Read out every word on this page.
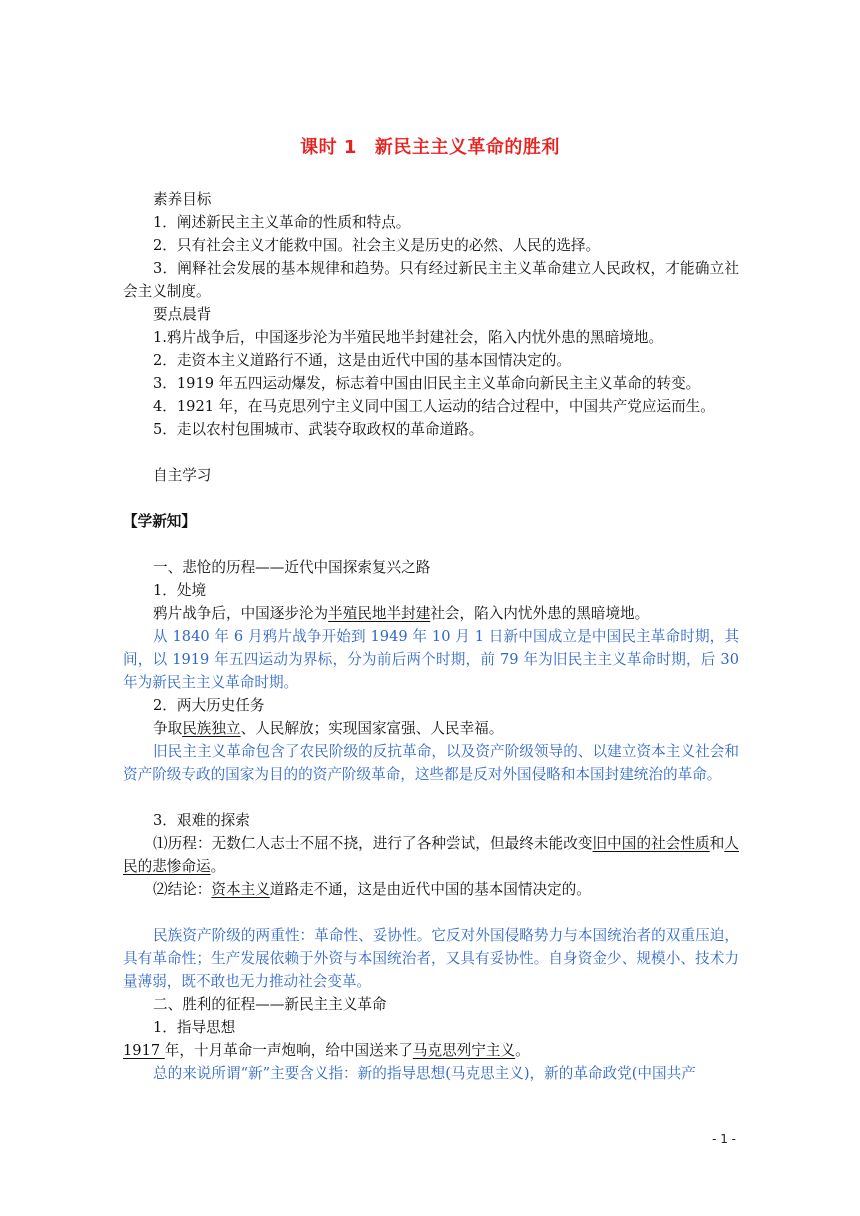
课时 1 新民主主义革命的胜利

素养目标

1．阐述新民主主义革命的性质和特点。

2．只有社会主义才能救中国。社会主义是历史的必然、人民的选择。

3．阐释社会发展的基本规律和趋势。只有经过新民主主义革命建立人民政权，才能确立社会主义制度。

要点晨背

1.鸦片战争后，中国逐步沦为半殖民地半封建社会，陷入内忧外患的黑暗境地。

2．走资本主义道路行不通，这是由近代中国的基本国情决定的。

3．1919 年五四运动爆发，标志着中国由旧民主主义革命向新民主主义革命的转变。

4．1921 年，在马克思列宁主义同中国工人运动的结合过程中，中国共产党应运而生。

5．走以农村包围城市、武装夺取政权的革命道路。

自主学习

【学新知】

一、悲怆的历程——近代中国探索复兴之路

1．处境

鸦片战争后，中国逐步沦为半殖民地半封建社会，陷入内忧外患的黑暗境地。

从 1840 年 6 月鸦片战争开始到 1949 年 10 月 1 日新中国成立是中国民主革命时期，其间，以 1919 年五四运动为界标，分为前后两个时期，前 79 年为旧民主主义革命时期，后 30 年为新民主主义革命时期。

2．两大历史任务

争取民族独立、人民解放；实现国家富强、人民幸福。

旧民主主义革命包含了农民阶级的反抗革命，以及资产阶级领导的、以建立资本主义社会和资产阶级专政的国家为目的的资产阶级革命，这些都是反对外国侵略和本国封建统治的革命。

3．艰难的探索

⑴历程：无数仁人志士不屈不挠，进行了各种尝试，但最终未能改变旧中国的社会性质和人民的悲惨命运。

⑵结论：资本主义道路走不通，这是由近代中国的基本国情决定的。

民族资产阶级的两重性：革命性、妥协性。它反对外国侵略势力与本国统治者的双重压迫，具有革命性；生产发展依赖于外资与本国统治者，又具有妥协性。自身资金少、规模小、技术力量薄弱，既不敢也无力推动社会变革。

二、胜利的征程——新民主主义革命

1．指导思想

1917 年，十月革命一声炮响，给中国送来了马克思列宁主义。

总的来说所谓“新”主要含义指：新的指导思想(马克思主义)，新的革命政党(中国共产

- 1 -
